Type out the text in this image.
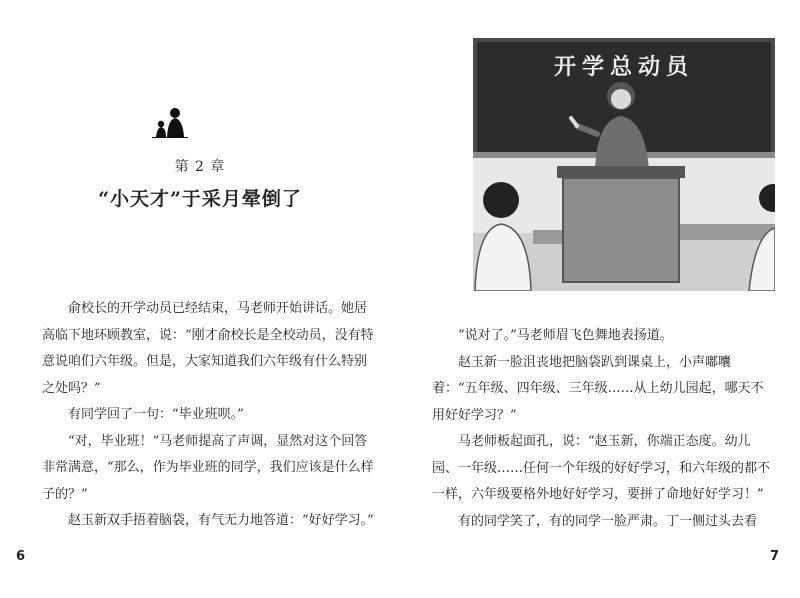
第 2 章
“小天才”于采月晕倒了

俞校长的开学动员已经结束，马老师开始讲话。她居高临下地环顾教室，说：“刚才俞校长是全校动员，没有特意说咱们六年级。但是，大家知道我们六年级有什么特别之处吗？”

有同学回了一句：“毕业班呗。”

“对，毕业班！”马老师提高了声调，显然对这个回答非常满意，“那么，作为毕业班的同学，我们应该是什么样子的？”

赵玉新双手捂着脑袋，有气无力地答道：“好好学习。”

6
开学总动员

“说对了。”马老师眉飞色舞地表扬道。

赵玉新一脸沮丧地把脑袋趴到课桌上，小声嘟囔着：“五年级、四年级、三年级……从上幼儿园起，哪天不用好好学习？”

马老师板起面孔，说：“赵玉新，你端正态度。幼儿园、一年级……任何一个年级的好好学习，和六年级的都不一样，六年级要格外地好好学习，要拼了命地好好学习！”

有的同学笑了，有的同学一脸严肃。丁一侧过头去看

7
